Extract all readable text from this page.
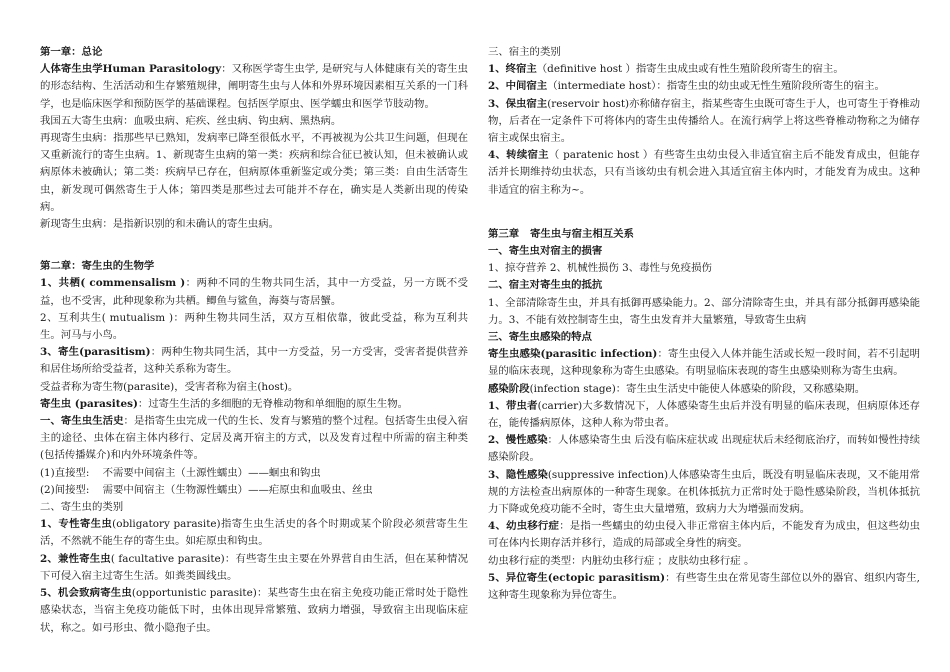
第一章：总论

人体寄生虫学Human Parasitology：又称医学寄生虫学, 是研究与人体健康有关的寄生虫的形态结构、生活活动和生存繁殖规律，阐明寄生虫与人体和外界环境因素相互关系的一门科学，也是临床医学和预防医学的基础课程。包括医学原虫、医学蠕虫和医学节肢动物。

我国五大寄生虫病：血吸虫病、疟疾、丝虫病、钩虫病、黑热病。

再现寄生虫病：指那些早已熟知，发病率已降至很低水平，不再被视为公共卫生问题，但现在又重新流行的寄生虫病。1、新现寄生虫病的第一类：疾病和综合征已被认知，但未被确认或病原体未被确认；第二类：疾病早已存在，但病原体重新鉴定或分类；第三类：自由生活寄生虫，新发现可偶然寄生于人体；第四类是那些过去可能并不存在，确实是人类新出现的传染病。

新现寄生虫病：是指新识别的和未确认的寄生虫病。

第二章：寄生虫的生物学

1、共栖( commensalism )：两种不同的生物共同生活，其中一方受益，另一方既不受益，也不受害，此种现象称为共栖。鲫鱼与鲨鱼，海葵与寄居蟹。

2、互利共生( mutualism )：两种生物共同生活，双方互相依靠，彼此受益，称为互利共生。河马与小鸟。

3、寄生(parasitism)：两种生物共同生活，其中一方受益，另一方受害，受害者提供营养和居住场所给受益者，这种关系称为寄生。

受益者称为寄生物(parasite)，受害者称为宿主(host)。

寄生虫 (parasites)：过寄生生活的多细胞的无脊椎动物和单细胞的原生生物。

一、寄生虫生活史：是指寄生虫完成一代的生长、发育与繁殖的整个过程。包括寄生虫侵入宿主的途径、虫体在宿主体内移行、定居及离开宿主的方式，以及发育过程中所需的宿主种类(包括传播媒介)和内外环境条件等。

(1)直接型:    不需要中间宿主（土源性蠕虫）——蛔虫和钩虫

(2)间接型:    需要中间宿主（生物源性蠕虫）——疟原虫和血吸虫、丝虫

二、寄生虫的类别

1、专性寄生虫(obligatory parasite)指寄生虫生活史的各个时期或某个阶段必须营寄生生活，不然就不能生存的寄生虫。如疟原虫和钩虫。

2、兼性寄生虫( facultative parasite)：有些寄生虫主要在外界营自由生活，但在某种情况下可侵入宿主过寄生生活。如粪类圆线虫。

5、机会致病寄生虫(opportunistic parasite)：某些寄生虫在宿主免疫功能正常时处于隐性感染状态，当宿主免疫功能低下时，虫体出现异常繁殖、致病力增强，导致宿主出现临床症状，称之。如弓形虫、微小隐孢子虫。

三、宿主的类别

1、终宿主（definitive host ）指寄生虫成虫或有性生殖阶段所寄生的宿主。

2、中间宿主（intermediate host）：指寄生虫的幼虫或无性生殖阶段所寄生的宿主。

3、保虫宿主(reservoir host)亦称储存宿主，指某些寄生虫既可寄生于人，也可寄生于脊椎动物，后者在一定条件下可将体内的寄生虫传播给人。在流行病学上将这些脊椎动物称之为储存宿主或保虫宿主。

4、转续宿主（ paratenic host ）有些寄生虫幼虫侵入非适宜宿主后不能发育成虫，但能存活并长期维持幼虫状态，只有当该幼虫有机会进入其适宜宿主体内时，才能发育为成虫。这种非适宜的宿主称为~。

第三章   寄生虫与宿主相互关系

一、寄生虫对宿主的损害

1、掠夺营养 2、机械性损伤 3、毒性与免疫损伤

二、宿主对寄生虫的抵抗

1、全部清除寄生虫，并具有抵御再感染能力。2、部分清除寄生虫，并具有部分抵御再感染能力。3、不能有效控制寄生虫，寄生虫发育并大量繁殖，导致寄生虫病

三、寄生虫感染的特点

寄生虫感染(parasitic infection)：寄生虫侵入人体并能生活或长短一段时间，若不引起明显的临床表现，这种现象称为寄生虫感染。有明显临床表现的寄生虫感染则称为寄生虫病。

感染阶段(infection stage)：寄生虫生活史中能使人体感染的阶段，又称感染期。

1、带虫者(carrier)大多数情况下，人体感染寄生虫后并没有明显的临床表现，但病原体还存在，能传播病原体，这种人称为带虫者。

2、慢性感染：人体感染寄生虫 后没有临床症状或 出现症状后未经彻底治疗，而转如慢性持续感染阶段。

3、隐性感染(suppressive infection)人体感染寄生虫后，既没有明显临床表现，又不能用常规的方法检查出病原体的一种寄生现象。在机体抵抗力正常时处于隐性感染阶段，当机体抵抗力下降或免疫功能不全时，寄生虫大量增殖，致病力大为增强而发病。

4、幼虫移行症：是指一些蠕虫的幼虫侵入非正常宿主体内后，不能发育为成虫，但这些幼虫可在体内长期存活并移行，造成的局部或全身性的病变。

幼虫移行症的类型：内脏幼虫移行症 ；皮肤幼虫移行症 。

5、异位寄生(ectopic parasitism)：有些寄生虫在常见寄生部位以外的器官、组织内寄生,这种寄生现象称为异位寄生。
